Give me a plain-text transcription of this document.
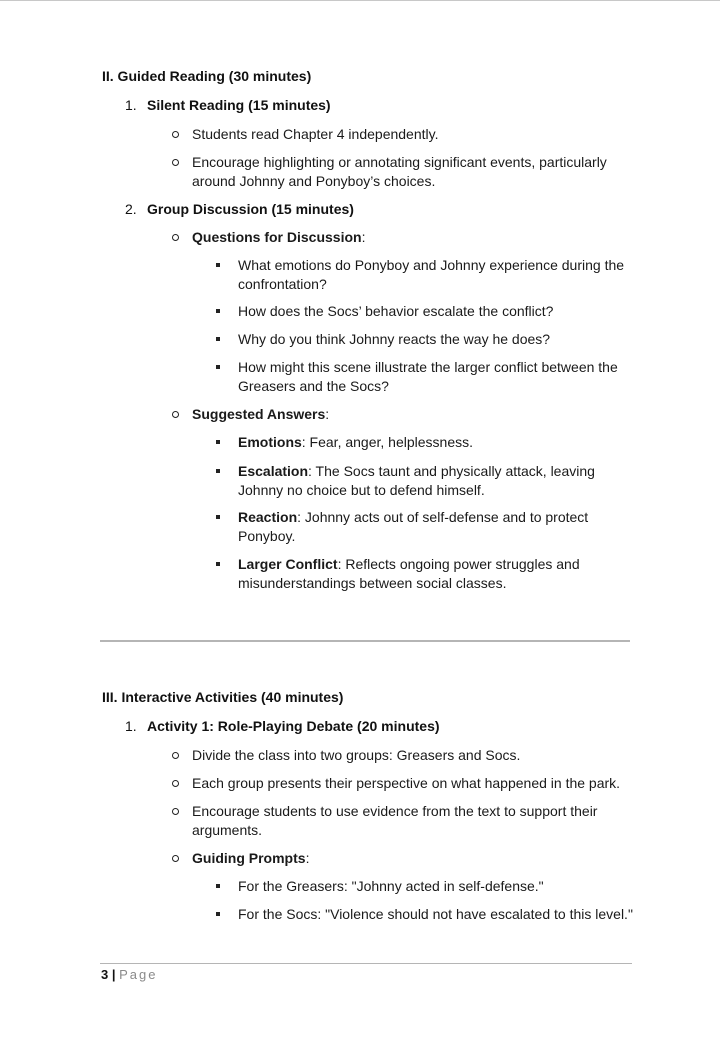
II. Guided Reading (30 minutes)
1. Silent Reading (15 minutes)
Students read Chapter 4 independently.
Encourage highlighting or annotating significant events, particularly around Johnny and Ponyboy’s choices.
2. Group Discussion (15 minutes)
Questions for Discussion:
What emotions do Ponyboy and Johnny experience during the confrontation?
How does the Socs’ behavior escalate the conflict?
Why do you think Johnny reacts the way he does?
How might this scene illustrate the larger conflict between the Greasers and the Socs?
Suggested Answers:
Emotions: Fear, anger, helplessness.
Escalation: The Socs taunt and physically attack, leaving Johnny no choice but to defend himself.
Reaction: Johnny acts out of self-defense and to protect Ponyboy.
Larger Conflict: Reflects ongoing power struggles and misunderstandings between social classes.
III. Interactive Activities (40 minutes)
1. Activity 1: Role-Playing Debate (20 minutes)
Divide the class into two groups: Greasers and Socs.
Each group presents their perspective on what happened in the park.
Encourage students to use evidence from the text to support their arguments.
Guiding Prompts:
For the Greasers: "Johnny acted in self-defense."
For the Socs: "Violence should not have escalated to this level."
3 | Page
